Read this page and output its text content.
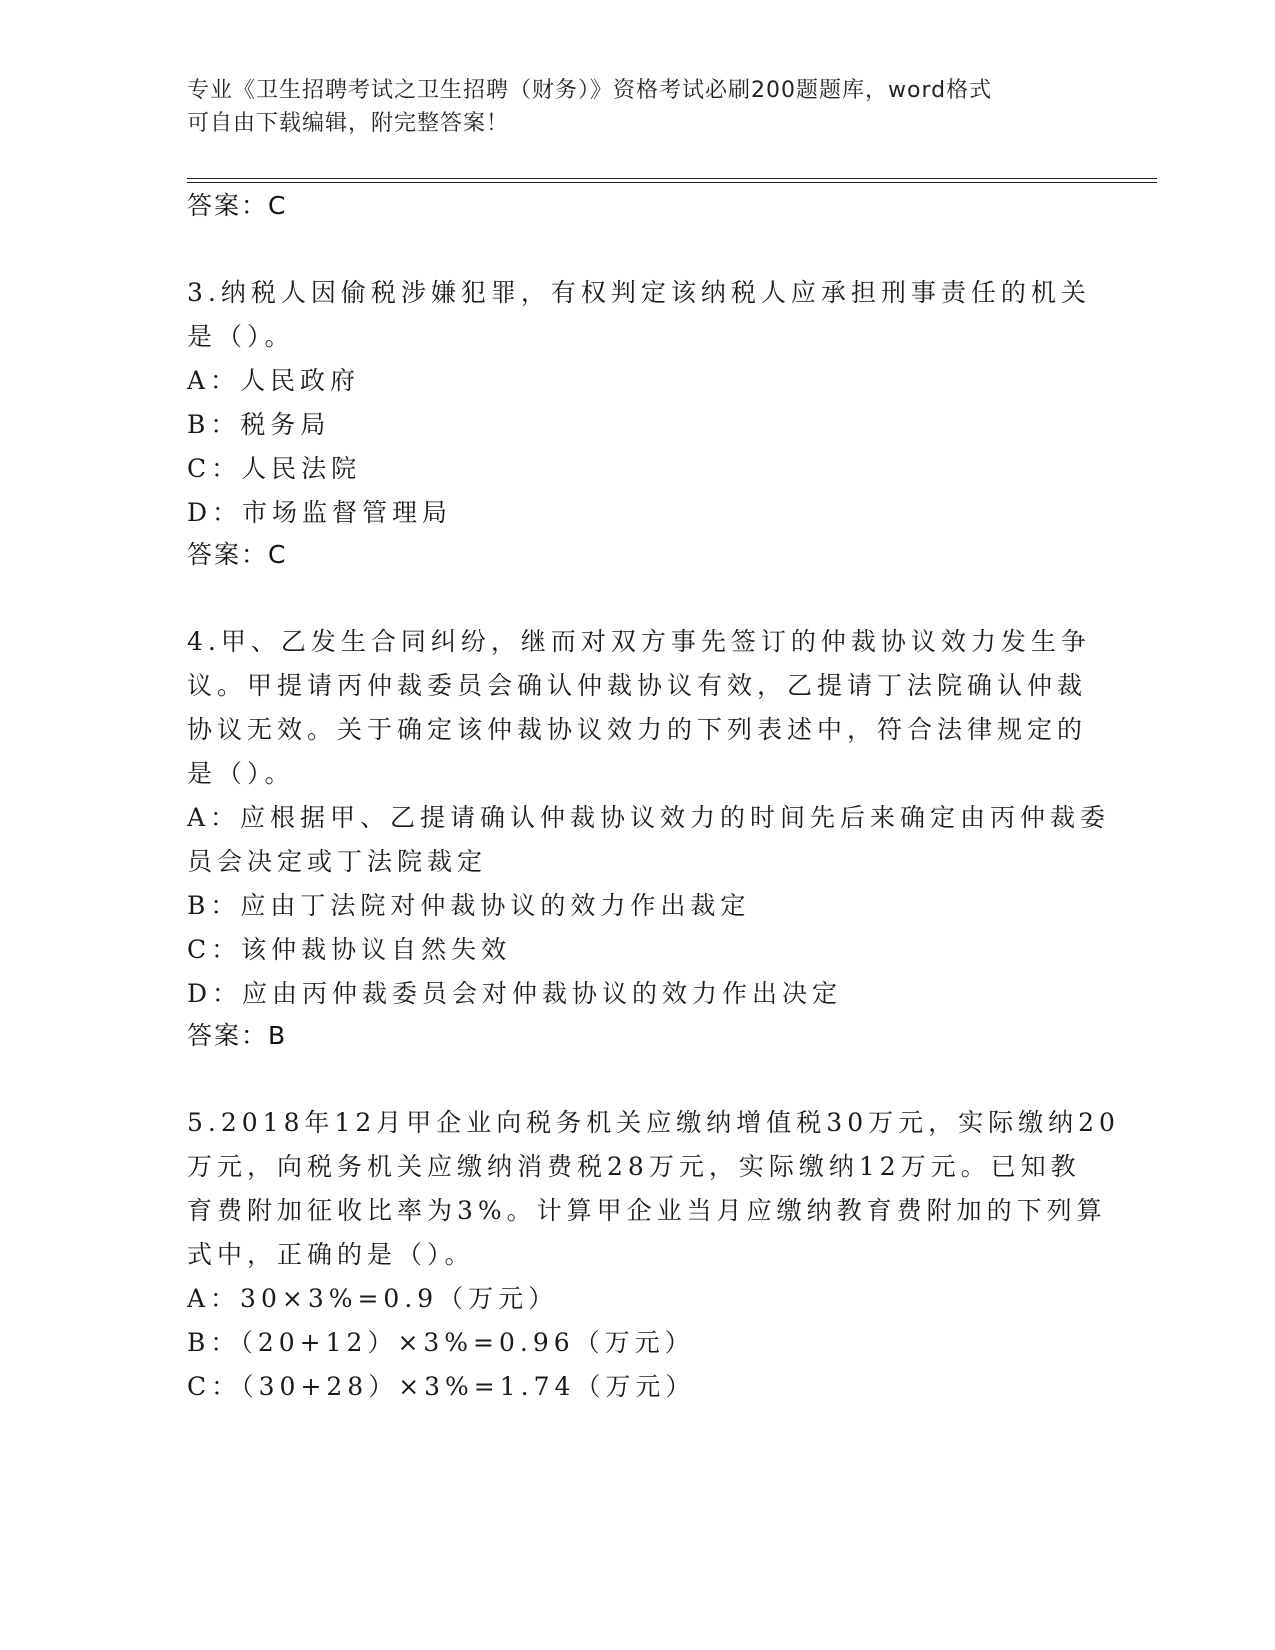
专业《卫生招聘考试之卫生招聘（财务）》资格考试必刷200题题库，word格式
可自由下载编辑，附完整答案！
答案：C
3.纳税人因偷税涉嫌犯罪，有权判定该纳税人应承担刑事责任的机关
是（）。
A：人民政府
B：税务局
C：人民法院
D：市场监督管理局
答案：C
4.甲、乙发生合同纠纷，继而对双方事先签订的仲裁协议效力发生争
议。甲提请丙仲裁委员会确认仲裁协议有效，乙提请丁法院确认仲裁
协议无效。关于确定该仲裁协议效力的下列表述中，符合法律规定的
是（）。
A：应根据甲、乙提请确认仲裁协议效力的时间先后来确定由丙仲裁委
员会决定或丁法院裁定
B：应由丁法院对仲裁协议的效力作出裁定
C：该仲裁协议自然失效
D：应由丙仲裁委员会对仲裁协议的效力作出决定
答案：B
5.2018年12月甲企业向税务机关应缴纳增值税30万元，实际缴纳20
万元，向税务机关应缴纳消费税28万元，实际缴纳12万元。已知教
育费附加征收比率为3%。计算甲企业当月应缴纳教育费附加的下列算
式中，正确的是（）。
A：30×3%=0.9（万元）
B：（20+12）×3%=0.96（万元）
C：（30+28）×3%=1.74（万元）
